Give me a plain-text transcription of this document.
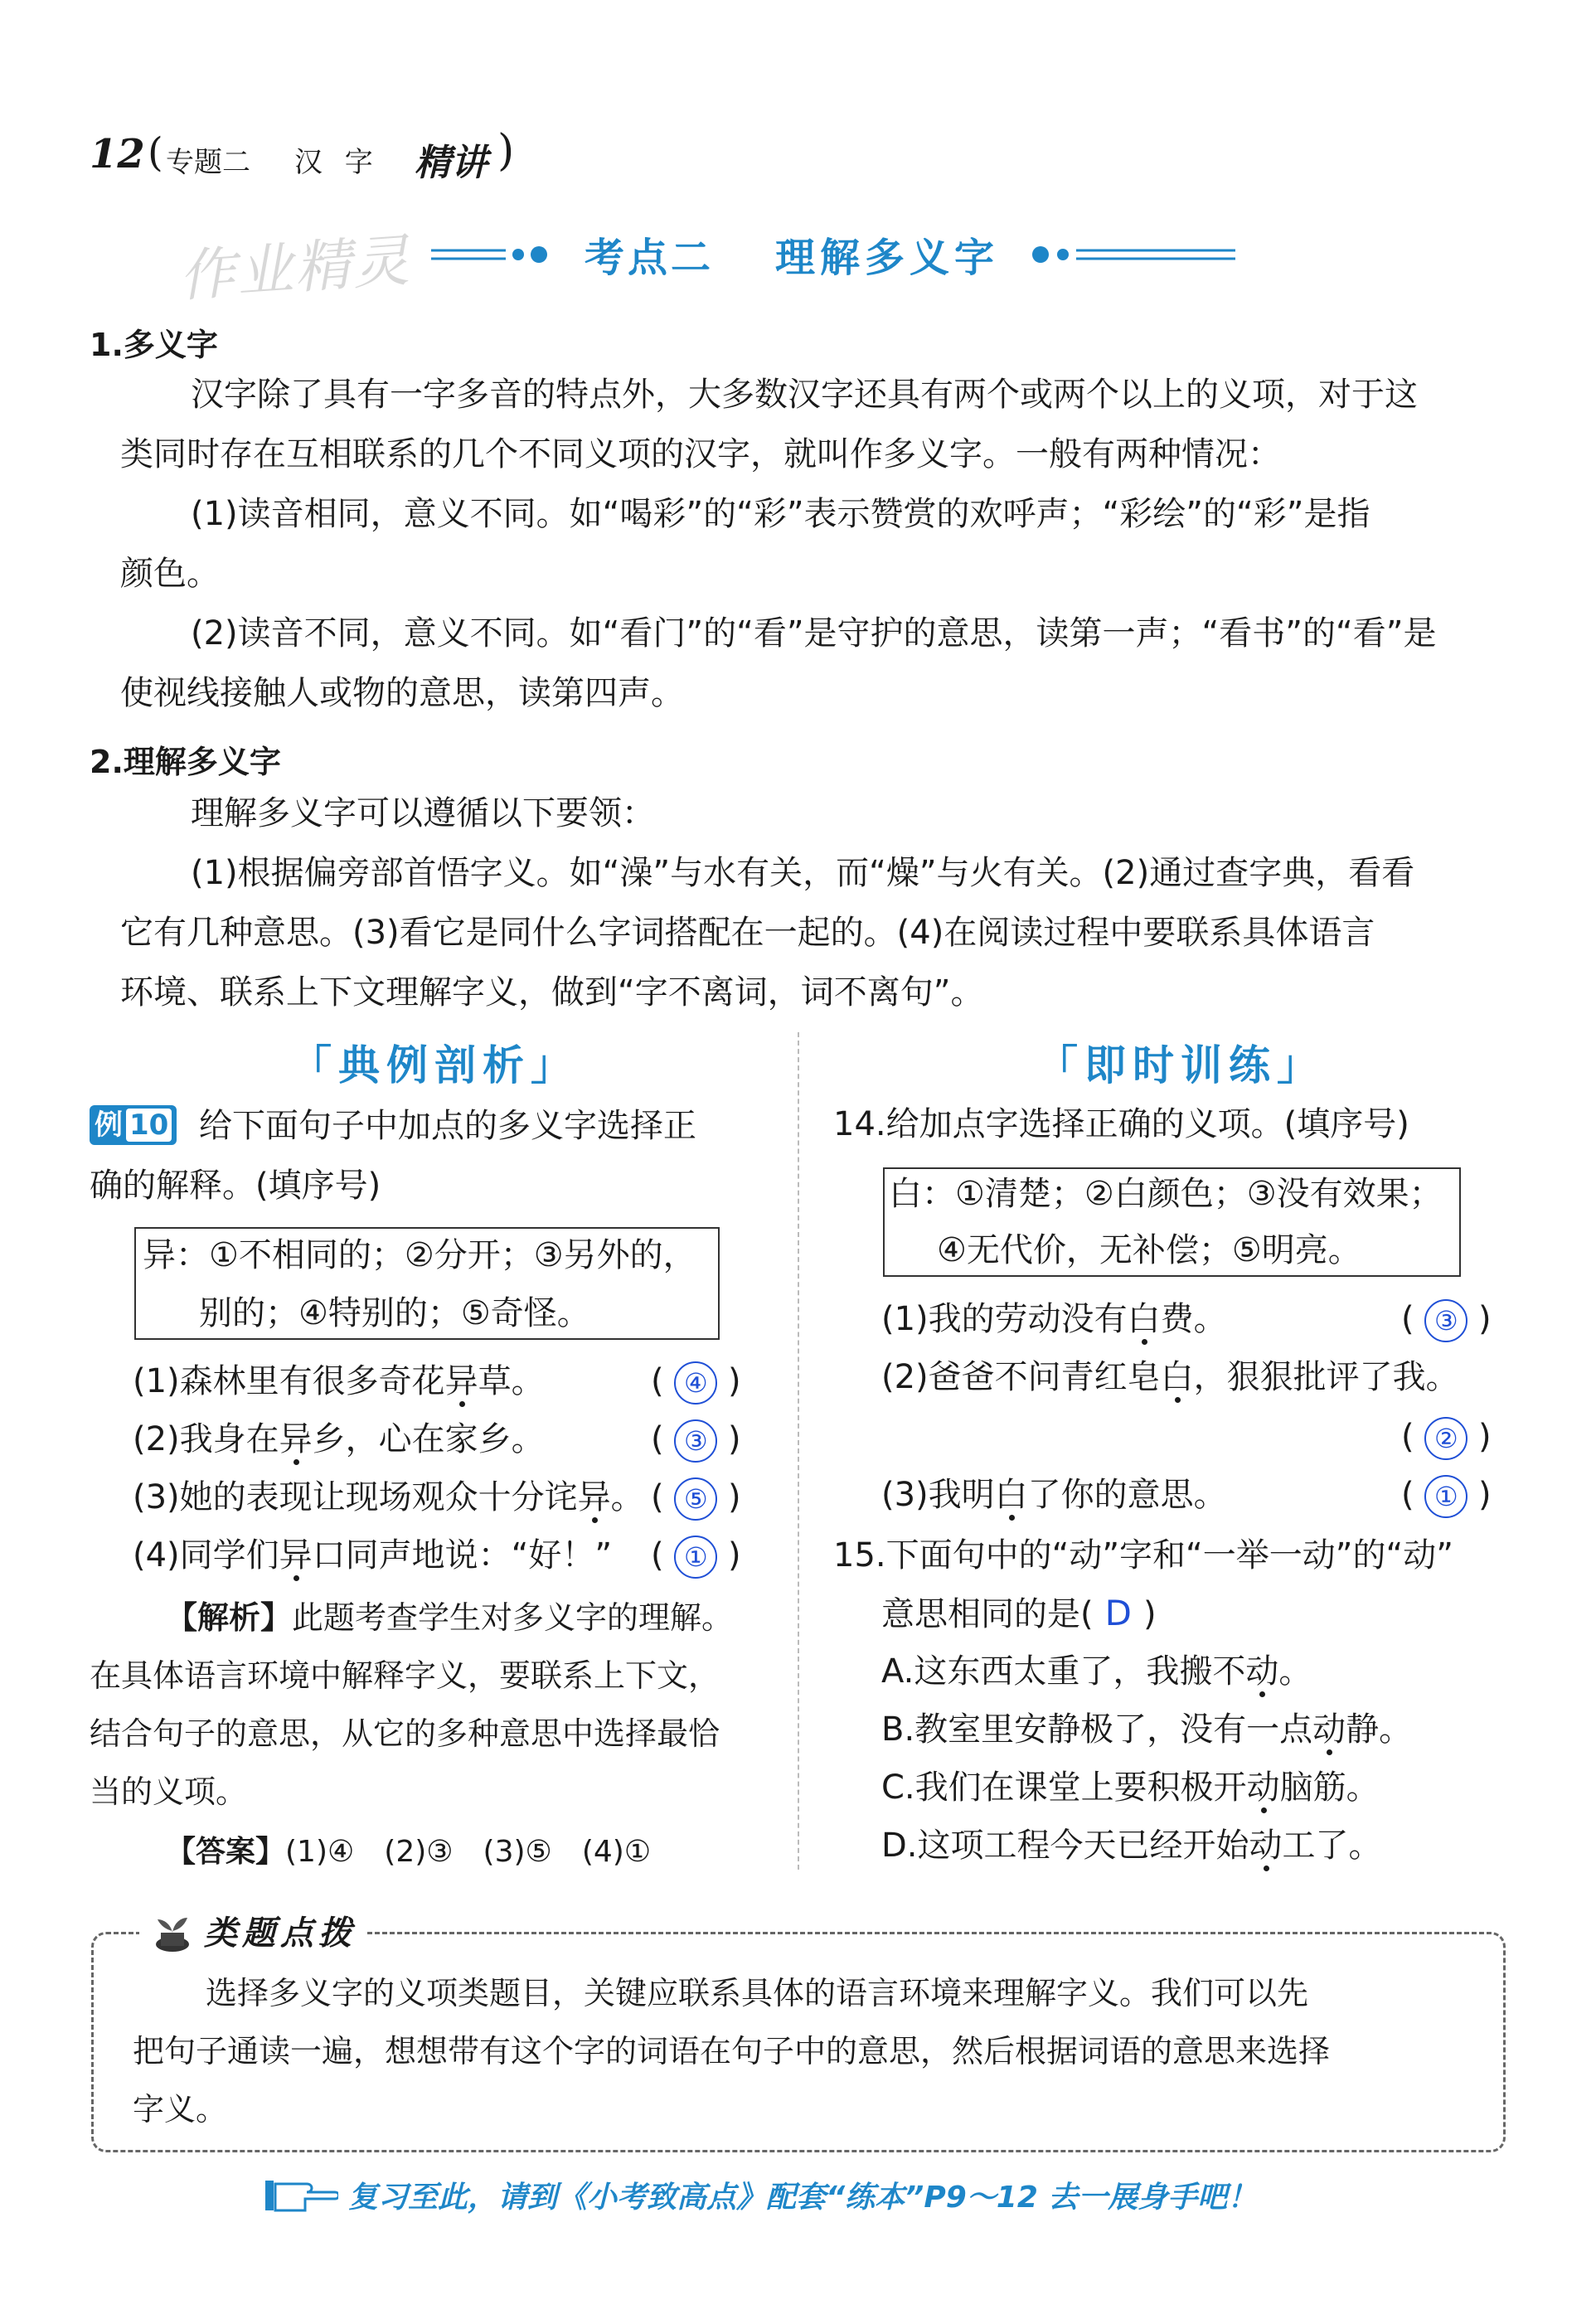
12 ( 专题二 汉 字 精讲 )
作业精灵	考点二 理解多义字
1.多义字
汉字除了具有一字多音的特点外，大多数汉字还具有两个或两个以上的义项，对于这
类同时存在互相联系的几个不同义项的汉字，就叫作多义字。一般有两种情况：
(1)读音相同，意义不同。如“喝彩”的“彩”表示赞赏的欢呼声；“彩绘”的“彩”是指
颜色。
(2)读音不同，意义不同。如“看门”的“看”是守护的意思，读第一声；“看书”的“看”是
使视线接触人或物的意思，读第四声。
2.理解多义字
理解多义字可以遵循以下要领：
(1)根据偏旁部首悟字义。如“澡”与水有关，而“燥”与火有关。(2)通过查字典，看看
它有几种意思。(3)看它是同什么字词搭配在一起的。(4)在阅读过程中要联系具体语言
环境、联系上下文理解字义，做到“字不离词，词不离句”。
「典例剖析」
例 10 给下面句子中加点的多义字选择正
确的解释。(填序号)
异：①不相同的；②分开；③另外的，
别的；④特别的；⑤奇怪。
(1)森林里有很多奇花异草。	( ④ )
(2)我身在异乡，心在家乡。	( ③ )
(3)她的表现让现场观众十分诧异。 ( ⑤ )
(4)同学们异口同声地说：“好！” ( ① )
【解析】此题考查学生对多义字的理解。
在具体语言环境中解释字义，要联系上下文，
结合句子的意思，从它的多种意思中选择最恰
当的义项。
【答案】(1)④　(2)③　(3)⑤　(4)①
「即时训练」
14.给加点字选择正确的义项。(填序号)
白：①清楚；②白颜色；③没有效果；
④无代价，无补偿；⑤明亮。
(1)我的劳动没有白费。	( ③ )
(2)爸爸不问青红皂白，狠狠批评了我。
( ② )
(3)我明白了你的意思。	( ① )
15.下面句中的“动”字和“一举一动”的“动”
意思相同的是( D )
A.这东西太重了，我搬不动。
B.教室里安静极了，没有一点动静。
C.我们在课堂上要积极开动脑筋。
D.这项工程今天已经开始动工了。
类题点拨
选择多义字的义项类题目，关键应联系具体的语言环境来理解字义。我们可以先
把句子通读一遍，想想带有这个字的词语在句子中的意思，然后根据词语的意思来选择
字义。
复习至此，请到《小考致高点》配套“练本”P9～12 去一展身手吧！
